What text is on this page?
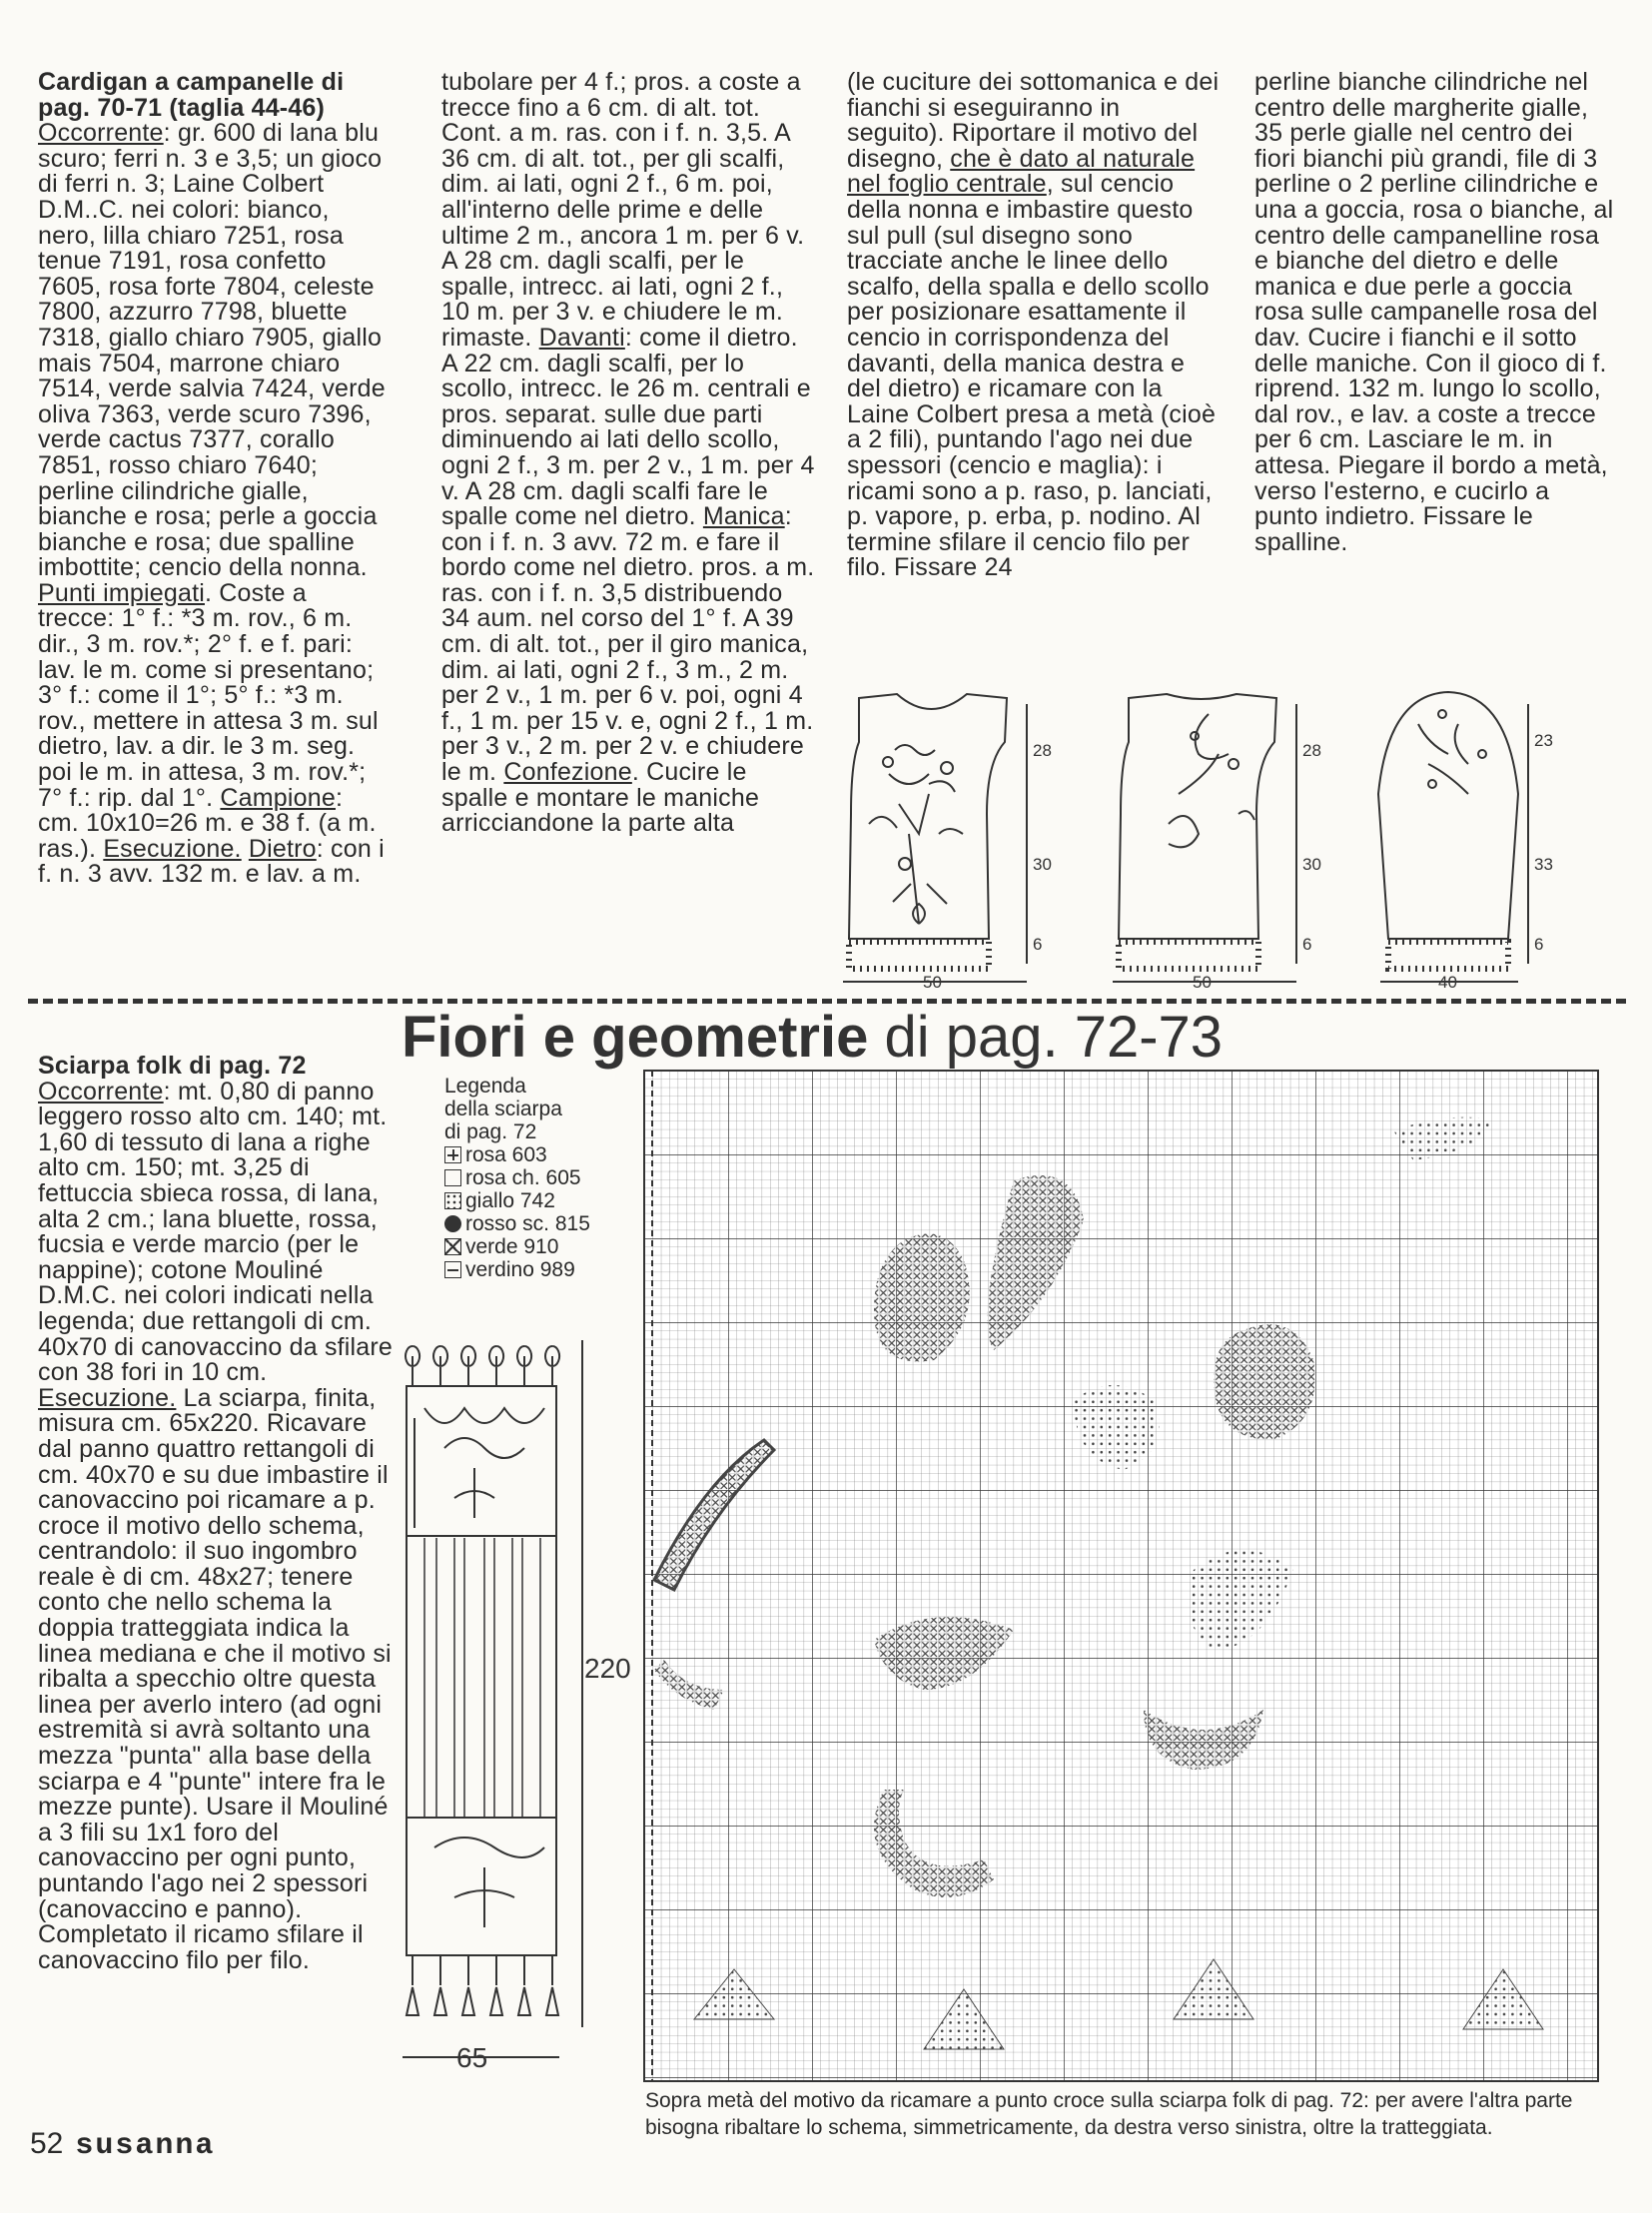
Cardigan a campanelle di pag. 70-71 (taglia 44-46)

Occorrente: gr. 600 di lana blu scuro; ferri n. 3 e 3,5; un gioco di ferri n. 3; Laine Colbert D.M..C. nei colori: bianco, nero, lilla chiaro 7251, rosa tenue 7191, rosa confetto 7605, rosa forte 7804, celeste 7800, azzurro 7798, bluette 7318, giallo chiaro 7905, giallo mais 7504, marrone chiaro 7514, verde salvia 7424, verde oliva 7363, verde scuro 7396, verde cactus 7377, corallo 7851, rosso chiaro 7640; perline cilindriche gialle, bianche e rosa; perle a goccia bianche e rosa; due spalline imbottite; cencio della nonna. Punti impiegati. Coste a trecce: 1° f.: *3 m. rov., 6 m. dir., 3 m. rov.*; 2° f. e f. pari: lav. le m. come si presentano; 3° f.: come il 1°; 5° f.: *3 m. rov., mettere in attesa 3 m. sul dietro, lav. a dir. le 3 m. seg. poi le m. in attesa, 3 m. rov.*; 7° f.: rip. dal 1°. Campione: cm. 10x10=26 m. e 38 f. (a m. ras.). Esecuzione. Dietro: con i f. n. 3 avv. 132 m. e lav. a m.

tubolare per 4 f.; pros. a coste a trecce fino a 6 cm. di alt. tot. Cont. a m. ras. con i f. n. 3,5. A 36 cm. di alt. tot., per gli scalfi, dim. ai lati, ogni 2 f., 6 m. poi, all'interno delle prime e delle ultime 2 m., ancora 1 m. per 6 v. A 28 cm. dagli scalfi, per le spalle, intrecc. ai lati, ogni 2 f., 10 m. per 3 v. e chiudere le m. rimaste. Davanti: come il dietro. A 22 cm. dagli scalfi, per lo scollo, intrecc. le 26 m. centrali e pros. separat. sulle due parti diminuendo ai lati dello scollo, ogni 2 f., 3 m. per 2 v., 1 m. per 4 v. A 28 cm. dagli scalfi fare le spalle come nel dietro. Manica: con i f. n. 3 avv. 72 m. e fare il bordo come nel dietro. pros. a m. ras. con i f. n. 3,5 distribuendo 34 aum. nel corso del 1° f. A 39 cm. di alt. tot., per il giro manica, dim. ai lati, ogni 2 f., 3 m., 2 m. per 2 v., 1 m. per 6 v. poi, ogni 4 f., 1 m. per 15 v. e, ogni 2 f., 1 m. per 3 v., 2 m. per 2 v. e chiudere le m. Confezione. Cucire le spalle e montare le maniche arricciandone la parte alta

(le cuciture dei sottomanica e dei fianchi si eseguiranno in seguito). Riportare il motivo del disegno, che è dato al naturale nel foglio centrale, sul cencio della nonna e imbastire questo sul pull (sul disegno sono tracciate anche le linee dello scalfo, della spalla e dello scollo per posizionare esattamente il cencio in corrispondenza del davanti, della manica destra e del dietro) e ricamare con la Laine Colbert presa a metà (cioè a 2 fili), puntando l'ago nei due spessori (cencio e maglia): i ricami sono a p. raso, p. lanciati, p. vapore, p. erba, p. nodino. Al termine sfilare il cencio filo per filo. Fissare 24

perline bianche cilindriche nel centro delle margherite gialle, 35 perle gialle nel centro dei fiori bianchi più grandi, file di 3 perline o 2 perline cilindriche e una a goccia, rosa o bianche, al centro delle campanelline rosa e bianche del dietro e delle manica e due perle a goccia rosa sulle campanelle rosa del dav. Cucire i fianchi e il sotto delle maniche. Con il gioco di f. riprend. 132 m. lungo lo scollo, dal rov., e lav. a coste a trecce per 6 cm. Lasciare le m. in attesa. Piegare il bordo a metà, verso l'esterno, e cucirlo a punto indietro. Fissare le spalline.

28
30
6
50
28
30
6
50
23
33
6
40
Fiori e geometrie di pag. 72-73

Sciarpa folk di pag. 72

Occorrente: mt. 0,80 di panno leggero rosso alto cm. 140; mt. 1,60 di tessuto di lana a righe alto cm. 150; mt. 3,25 di fettuccia sbieca rossa, di lana, alta 2 cm.; lana bluette, rossa, fucsia e verde marcio (per le nappine); cotone Mouliné D.M.C. nei colori indicati nella legenda; due rettangoli di cm. 40x70 di canovaccino da sfilare con 38 fori in 10 cm. Esecuzione. La sciarpa, finita, misura cm. 65x220. Ricavare dal panno quattro rettangoli di cm. 40x70 e su due imbastire il canovaccino poi ricamare a p. croce il motivo dello schema, centrandolo: il suo ingombro reale è di cm. 48x27; tenere conto che nello schema la doppia tratteggiata indica la linea mediana e che il motivo si ribalta a specchio oltre questa linea per averlo intero (ad ogni estremità si avrà soltanto una mezza "punta" alla base della sciarpa e 4 "punte" intere fra le mezze punte). Usare il Mouliné a 3 fili su 1x1 foro del canovaccino per ogni punto, puntando l'ago nei 2 spessori (canovaccino e panno). Completato il ricamo sfilare il canovaccino filo per filo.

Legenda
della sciarpa
di pag. 72
rosa 603
rosa ch. 605
giallo 742
rosso sc. 815
verde 910
verdino 989
220
65
Sopra metà del motivo da ricamare a punto croce sulla sciarpa folk di pag. 72: per avere l'altra parte bisogna ribaltare lo schema, simmetricamente, da destra verso sinistra, oltre la tratteggiata.
52 susanna
